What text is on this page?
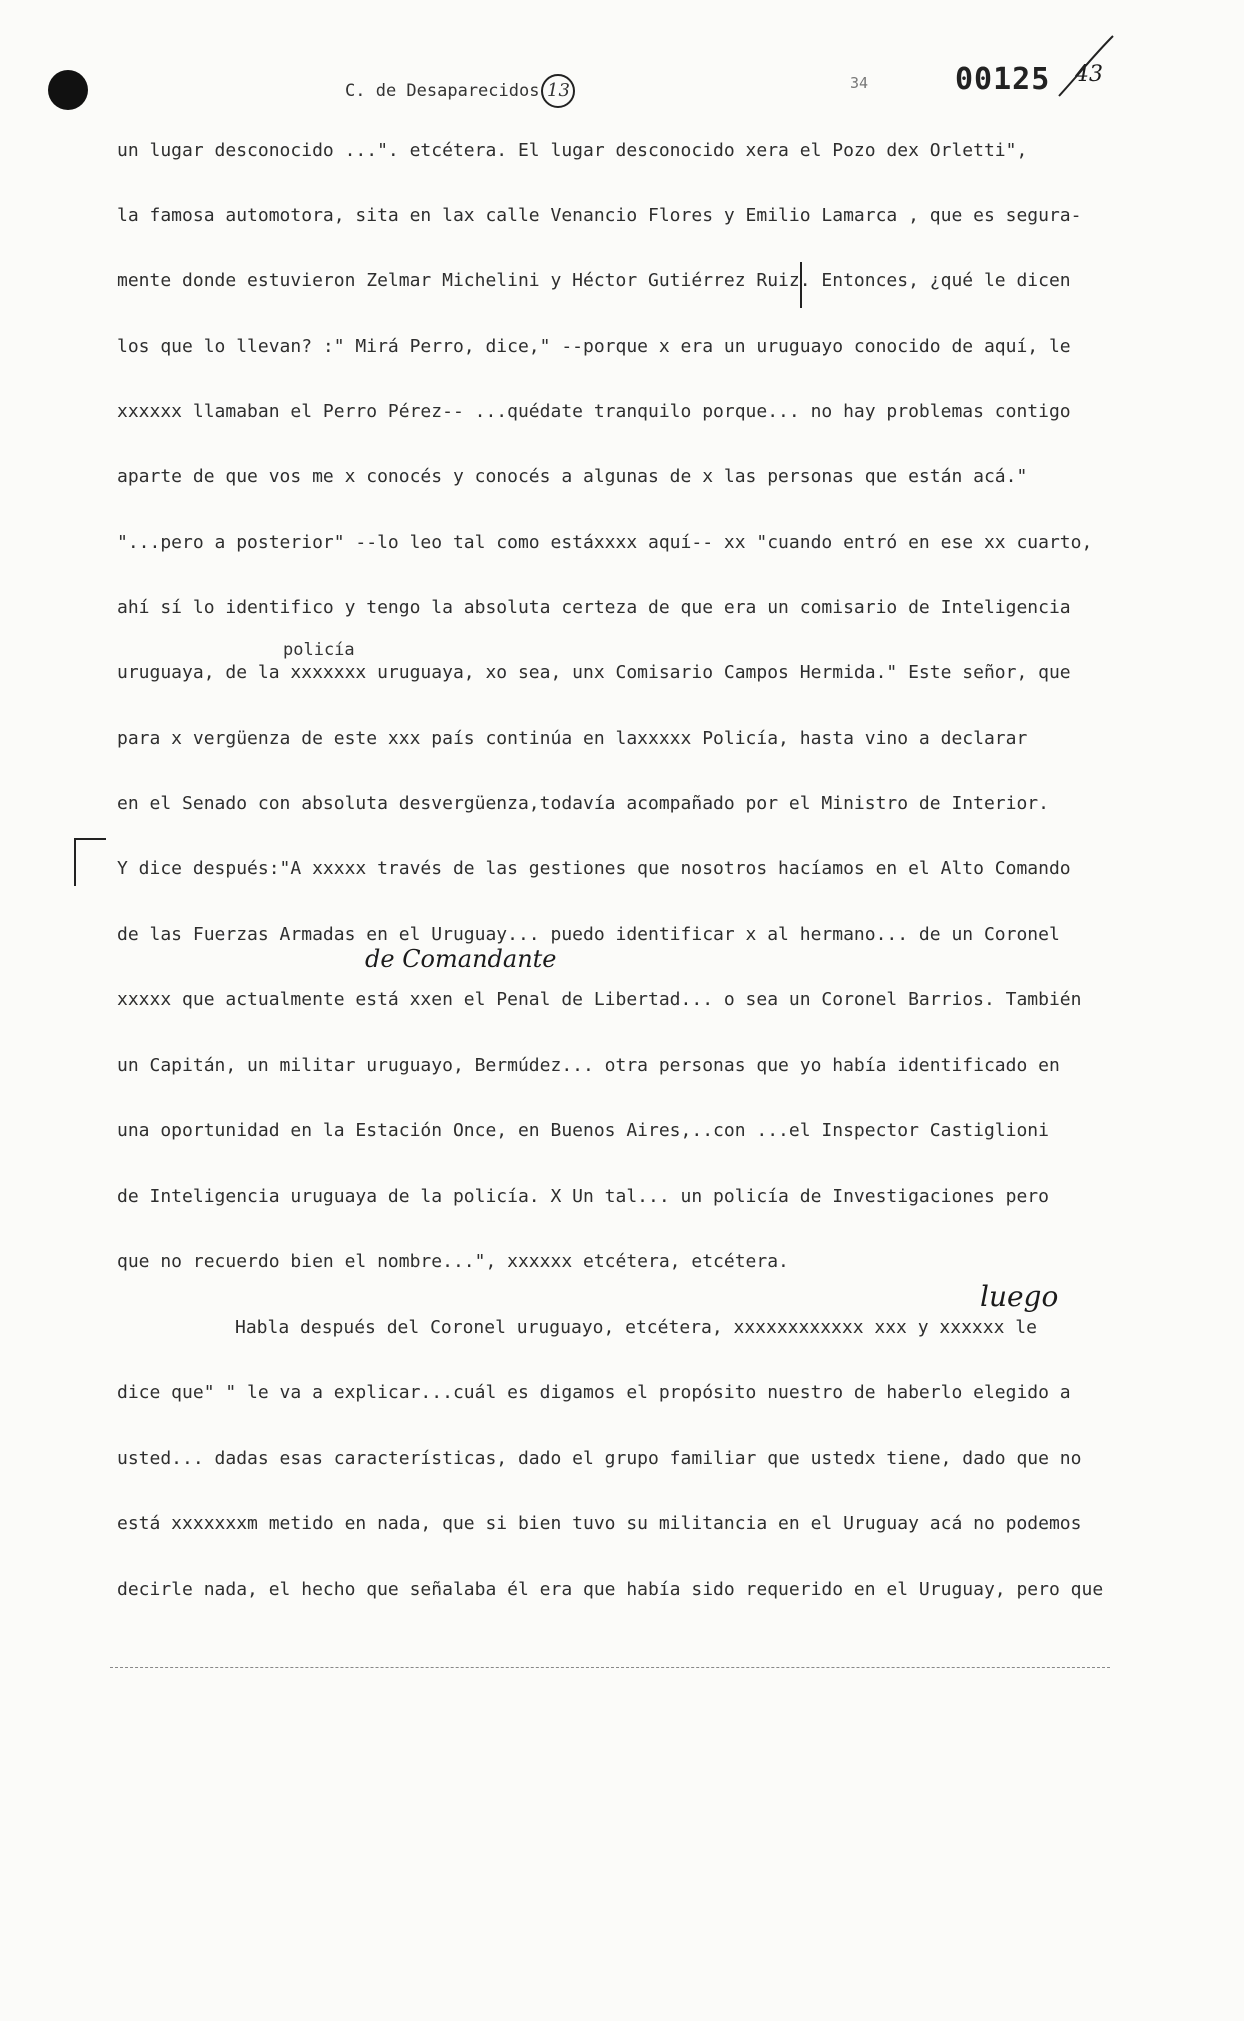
C. de Desaparecidos 13	34	00125 43
un lugar desconocido ...". etcétera. El lugar desconocido xera el Pozo dex Orletti",
la famosa automotora, sita en lax calle Venancio Flores y Emilio Lamarca , que es segura-
mente donde estuvieron Zelmar Michelini y Héctor Gutiérrez Ruiz. Entonces, ¿qué le dicen
los que lo llevan? :" Mirá Perro, dice," --porque x era un uruguayo conocido de aquí, le
xxxxxx llamaban el Perro Pérez-- ...quédate tranquilo porque... no hay problemas contigo
aparte de que vos me x conocés y conocés a algunas de x las personas que están acá."
"...pero a posterior" --lo leo tal como estáxxxx aquí-- xx "cuando entró en ese xx cuarto,
ahí sí lo identifico y tengo la absoluta certeza de que era un comisario de Inteligencia
policía
uruguaya, de la xxxxxxx uruguaya, xo sea, unx Comisario Campos Hermida." Este señor, que
para x vergüenza de este xxx país continúa en laxxxxx Policía, hasta vino a declarar
en el Senado con absoluta desvergüenza,todavía acompañado por el Ministro de Interior.
Y dice después:"A xxxxx través de las gestiones que nosotros hacíamos en el Alto Comando
de las Fuerzas Armadas en el Uruguay... puedo identificar x al hermano... de un Coronel
de Comandante
xxxxx que actualmente está xxen el Penal de Libertad... o sea un Coronel Barrios. También
un Capitán, un militar uruguayo, Bermúdez... otra personas que yo había identificado en
una oportunidad en la Estación Once, en Buenos Aires,..con ...el Inspector Castiglioni
de Inteligencia uruguaya de la policía. X Un tal... un policía de Investigaciones pero
que no recuerdo bien el nombre...", xxxxxx etcétera, etcétera.
luego
Habla después del Coronel uruguayo, etcétera, xxxxxxxxxxxx xxx y xxxxxx le
dice que" " le va a explicar...cuál es digamos el propósito nuestro de haberlo elegido a
usted... dadas esas características, dado el grupo familiar que ustedx tiene, dado que no
está xxxxxxxm metido en nada, que si bien tuvo su militancia en el Uruguay acá no podemos
decirle nada, el hecho que señalaba él era que había sido requerido en el Uruguay, pero que
